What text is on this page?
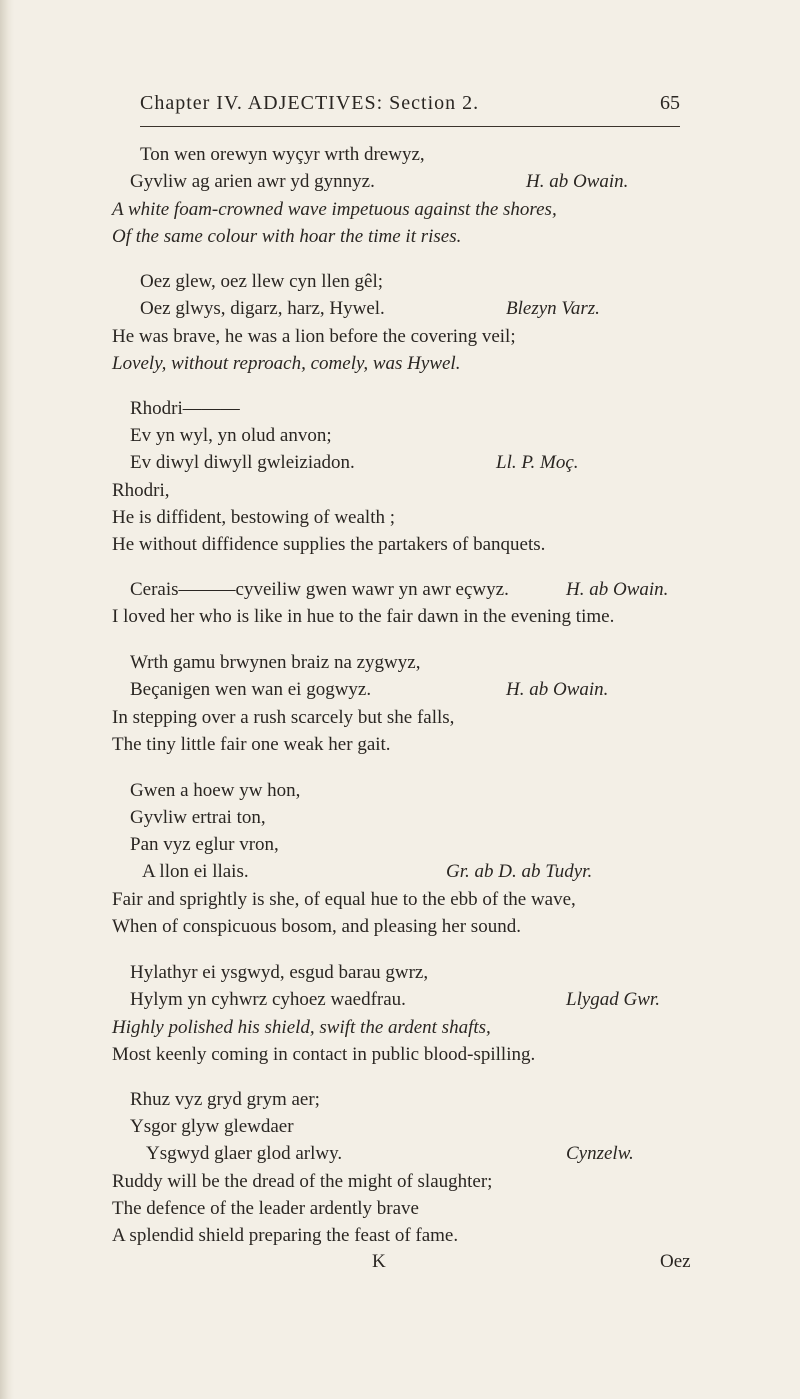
Chapter IV. ADJECTIVES: Section 2.	65
Ton wen orewyn wyçyr wrth drewyz,
Gyvliw ag arien awr yd gynnyz.	H. ab Owain.
A white foam-crowned wave impetuous against the shores,
Of the same colour with hoar the time it rises.
Oez glew, oez llew cyn llen gêl;
Oez glwys, digarz, harz, Hywel.	Blezyn Varz.
He was brave, he was a lion before the covering veil;
Lovely, without reproach, comely, was Hywel.
Rhodri———
Ev yn wyl, yn olud anvon;
Ev diwyl diwyll gwleiziadon.	Ll. P. Moç.
Rhodri,
He is diffident, bestowing of wealth ;
He without diffidence supplies the partakers of banquets.
Cerais———cyveiliw gwen wawr yn awr eçwyz.	H. ab Owain.
I loved her who is like in hue to the fair dawn in the evening time.
Wrth gamu brwynen braiz na zygwyz,
Beçanigen wen wan ei gogwyz.	H. ab Owain.
In stepping over a rush scarcely but she falls,
The tiny little fair one weak her gait.
Gwen a hoew yw hon,
Gyvliw ertrai ton,
Pan vyz eglur vron,
A llon ei llais.	Gr. ab D. ab Tudyr.
Fair and sprightly is she, of equal hue to the ebb of the wave,
When of conspicuous bosom, and pleasing her sound.
Hylathyr ei ysgwyd, esgud barau gwrz,
Hylym yn cyhwrz cyhoez waedfrau.	Llygad Gwr.
Highly polished his shield, swift the ardent shafts,
Most keenly coming in contact in public blood-spilling.
Rhuz vyz gryd grym aer;
Ysgor glyw glewdaer
Ysgwyd glaer glod arlwy.	Cynzelw.
Ruddy will be the dread of the might of slaughter;
The defence of the leader ardently brave
A splendid shield preparing the feast of fame.
K	Oez
